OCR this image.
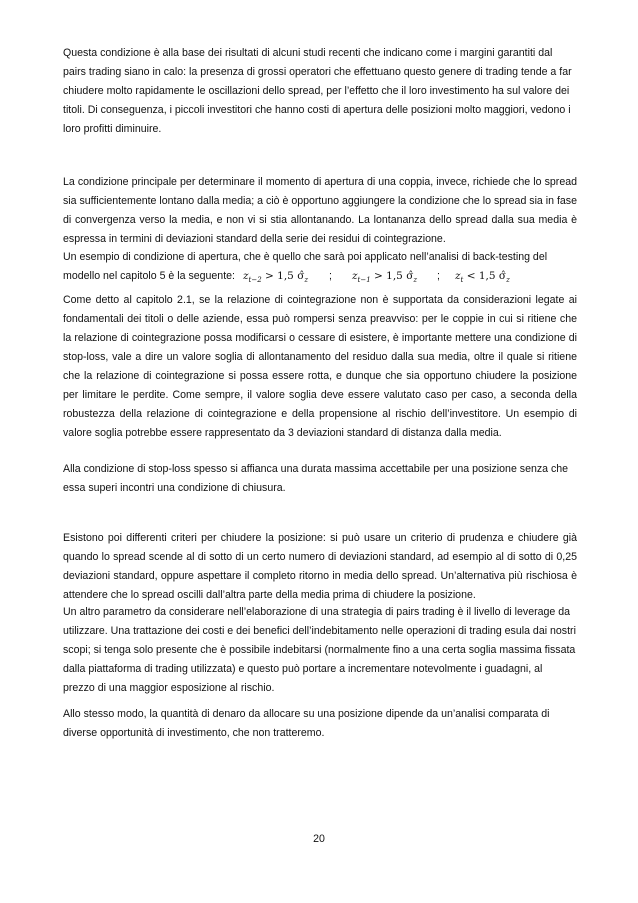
Questa condizione è alla base dei risultati di alcuni studi recenti che indicano come i margini garantiti dal pairs trading siano in calo: la presenza di grossi operatori che effettuano questo genere di trading tende a far chiudere molto rapidamente le oscillazioni dello spread, per l’effetto che il loro investimento ha sul valore dei titoli. Di conseguenza, i piccoli investitori che hanno costi di apertura delle posizioni molto maggiori, vedono i loro profitti diminuire.

La condizione principale per determinare il momento di apertura di una coppia, invece, richiede che lo spread sia sufficientemente lontano dalla media; a ciò è opportuno aggiungere la condizione che lo spread sia in fase di convergenza verso la media, e non vi si stia allontanando. La lontananza dello spread dalla sua media è espressa in termini di deviazioni standard della serie dei residui di cointegrazione.

Un esempio di condizione di apertura, che è quello che sarà poi applicato nell’analisi di back-testing del

modello nel capitolo 5 è la seguente: $z_{t-2} > 1,5$ $\sigmâ_z$ ; $z_{t-1} > 1,5$ $\sigmâ_z$ ; $z_t < 1,5$ $\sigmâ_z$

Come detto al capitolo 2.1, se la relazione di cointegrazione non è supportata da considerazioni legate ai fondamentali dei titoli o delle aziende, essa può rompersi senza preavviso: per le coppie in cui si ritiene che la relazione di cointegrazione possa modificarsi o cessare di esistere, è importante mettere una condizione di stop-loss, vale a dire un valore soglia di allontanamento del residuo dalla sua media, oltre il quale si ritiene che la relazione di cointegrazione si possa essere rotta, e dunque che sia opportuno chiudere la posizione per limitare le perdite. Come sempre, il valore soglia deve essere valutato caso per caso, a seconda della robustezza della relazione di cointegrazione e della propensione al rischio dell’investitore. Un esempio di valore soglia potrebbe essere rappresentato da 3 deviazioni standard di distanza dalla media.

Alla condizione di stop-loss spesso si affianca una durata massima accettabile per una posizione senza che essa superi incontri una condizione di chiusura.

Esistono poi differenti criteri per chiudere la posizione: si può usare un criterio di prudenza e chiudere già quando lo spread scende al di sotto di un certo numero di deviazioni standard, ad esempio al di sotto di 0,25 deviazioni standard, oppure aspettare il completo ritorno in media dello spread. Un’alternativa più rischiosa è attendere che lo spread oscilli dall’altra parte della media prima di chiudere la posizione.

Un altro parametro da considerare nell’elaborazione di una strategia di pairs trading è il livello di leverage da utilizzare. Una trattazione dei costi e dei benefici dell’indebitamento nelle operazioni di trading esula dai nostri scopi; si tenga solo presente che è possibile indebitarsi (normalmente fino a una certa soglia massima fissata dalla piattaforma di trading utilizzata) e questo può portare a incrementare notevolmente i guadagni, al prezzo di una maggior esposizione al rischio.

Allo stesso modo, la quantità di denaro da allocare su una posizione dipende da un’analisi comparata di diverse opportunità di investimento, che non tratteremo.

20
